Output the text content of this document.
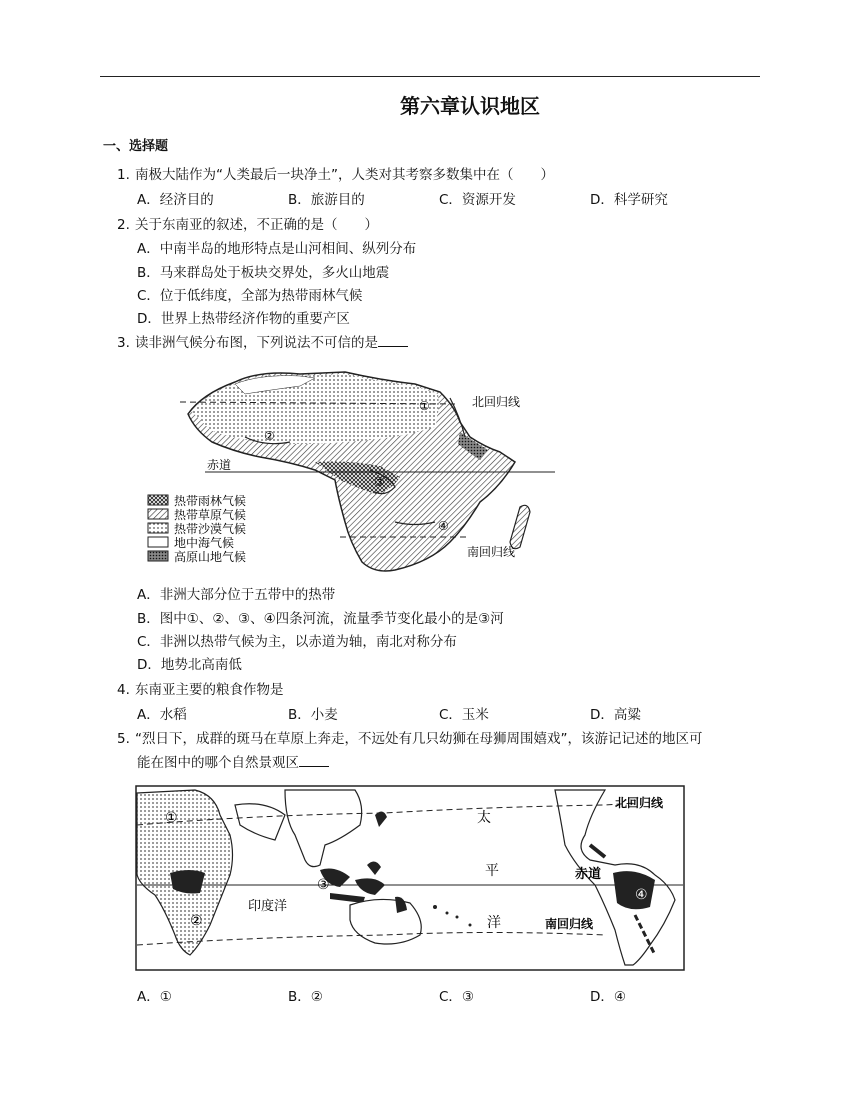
第六章认识地区
一、选择题
1. 南极大陆作为“人类最后一块净土”，人类对其考察多数集中在（　　）
A．经济目的	B．旅游目的	C．资源开发	D．科学研究
2. 关于东南亚的叙述，不正确的是（　　）
A．中南半岛的地形特点是山河相间、纵列分布
B．马来群岛处于板块交界处，多火山地震
C．位于低纬度，全部为热带雨林气候
D．世界上热带经济作物的重要产区
3. 读非洲气候分布图，下列说法不可信的是
北回归线
赤道
南回归线
①
②
③
④
热带雨林气候
热带草原气候
热带沙漠气候
地中海气候
高原山地气候
A．非洲大部分位于五带中的热带
B．图中①、②、③、④四条河流，流量季节变化最小的是③河
C．非洲以热带气候为主，以赤道为轴，南北对称分布
D．地势北高南低
4. 东南亚主要的粮食作物是
A．水稻	B．小麦	C．玉米	D．高粱
5. “烈日下，成群的斑马在草原上奔走，不远处有几只幼狮在母狮周围嬉戏”，该游记记述的地区可
能在图中的哪个自然景观区
北回归线
赤道
南回归线
印度洋
太
平
洋
①
②
③
④
A．①	B．②	C．③	D．④
